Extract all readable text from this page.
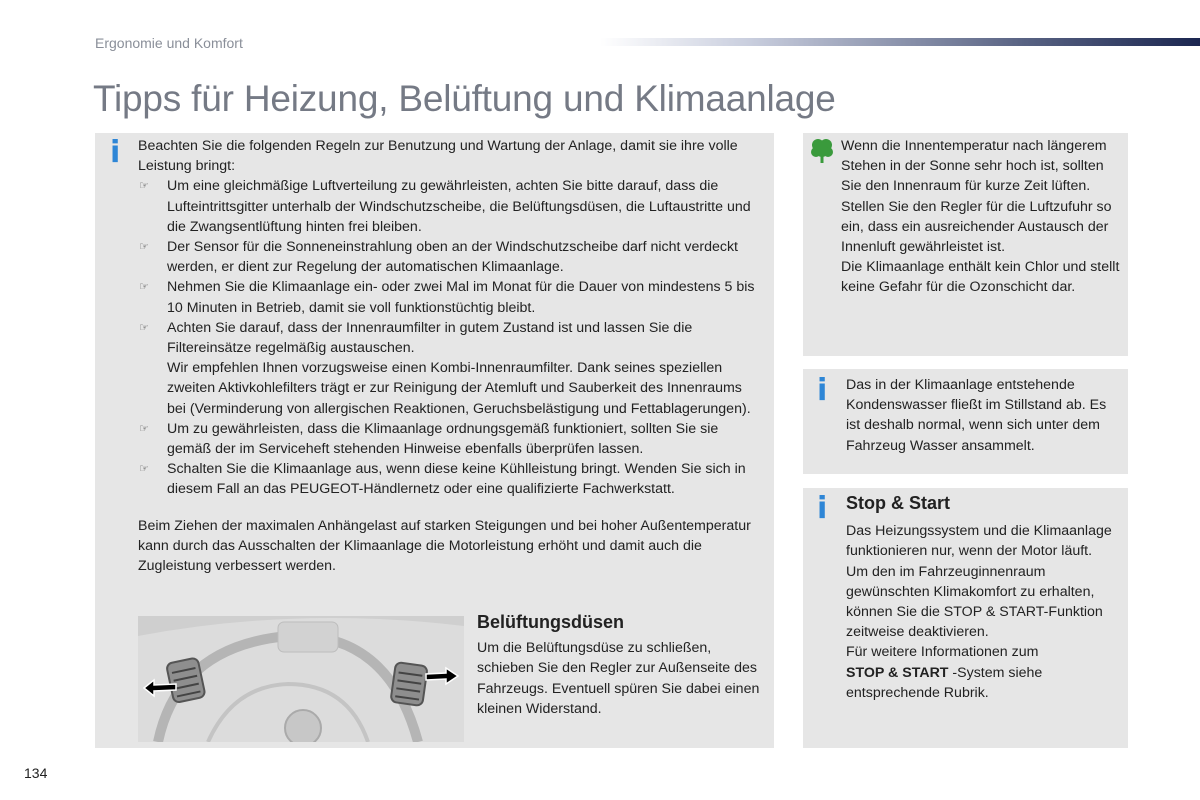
Ergonomie und Komfort
Tipps für Heizung, Belüftung und Klimaanlage
i Beachten Sie die folgenden Regeln zur Benutzung und Wartung der Anlage, damit sie ihre volle Leistung bringt:

☞ Um eine gleichmäßige Luftverteilung zu gewährleisten, achten Sie bitte darauf, dass die Lufteintrittsgitter unterhalb der Windschutzscheibe, die Belüftungsdüsen, die Luftaustritte und die Zwangsentlüftung hinten frei bleiben.
☞ Der Sensor für die Sonneneinstrahlung oben an der Windschutzscheibe darf nicht verdeckt werden, er dient zur Regelung der automatischen Klimaanlage.
☞ Nehmen Sie die Klimaanlage ein- oder zwei Mal im Monat für die Dauer von mindestens 5 bis 10 Minuten in Betrieb, damit sie voll funktionstüchtig bleibt.
☞ Achten Sie darauf, dass der Innenraumfilter in gutem Zustand ist und lassen Sie die Filtereinsätze regelmäßig austauschen.
Wir empfehlen Ihnen vorzugsweise einen Kombi-Innenraumfilter. Dank seines speziellen zweiten Aktivkohlefilters trägt er zur Reinigung der Atemluft und Sauberkeit des Innenraums bei (Verminderung von allergischen Reaktionen, Geruchsbelästigung und Fettablagerungen).
☞ Um zu gewährleisten, dass die Klimaanlage ordnungsgemäß funktioniert, sollten Sie sie gemäß der im Serviceheft stehenden Hinweise ebenfalls überprüfen lassen.
☞ Schalten Sie die Klimaanlage aus, wenn diese keine Kühlleistung bringt. Wenden Sie sich in diesem Fall an das PEUGEOT-Händlernetz oder eine qualifizierte Fachwerkstatt.

Beim Ziehen der maximalen Anhängelast auf starken Steigungen und bei hoher Außentemperatur kann durch das Ausschalten der Klimaanlage die Motorleistung erhöht und damit auch die Zugleistung verbessert werden.

Belüftungsdüsen
Um die Belüftungsdüse zu schließen, schieben Sie den Regler zur Außenseite des Fahrzeugs. Eventuell spüren Sie dabei einen kleinen Widerstand.
Wenn die Innentemperatur nach längerem Stehen in der Sonne sehr hoch ist, sollten Sie den Innenraum für kurze Zeit lüften. Stellen Sie den Regler für die Luftzufuhr so ein, dass ein ausreichender Austausch der Innenluft gewährleistet ist.
Die Klimaanlage enthält kein Chlor und stellt keine Gefahr für die Ozonschicht dar.
i Das in der Klimaanlage entstehende Kondenswasser fließt im Stillstand ab. Es ist deshalb normal, wenn sich unter dem Fahrzeug Wasser ansammelt.
i Stop & Start
Das Heizungssystem und die Klimaanlage funktionieren nur, wenn der Motor läuft.
Um den im Fahrzeuginnenraum gewünschten Klimakomfort zu erhalten, können Sie die STOP & START-Funktion zeitweise deaktivieren.
Für weitere Informationen zum
STOP & START -System siehe entsprechende Rubrik.
134
